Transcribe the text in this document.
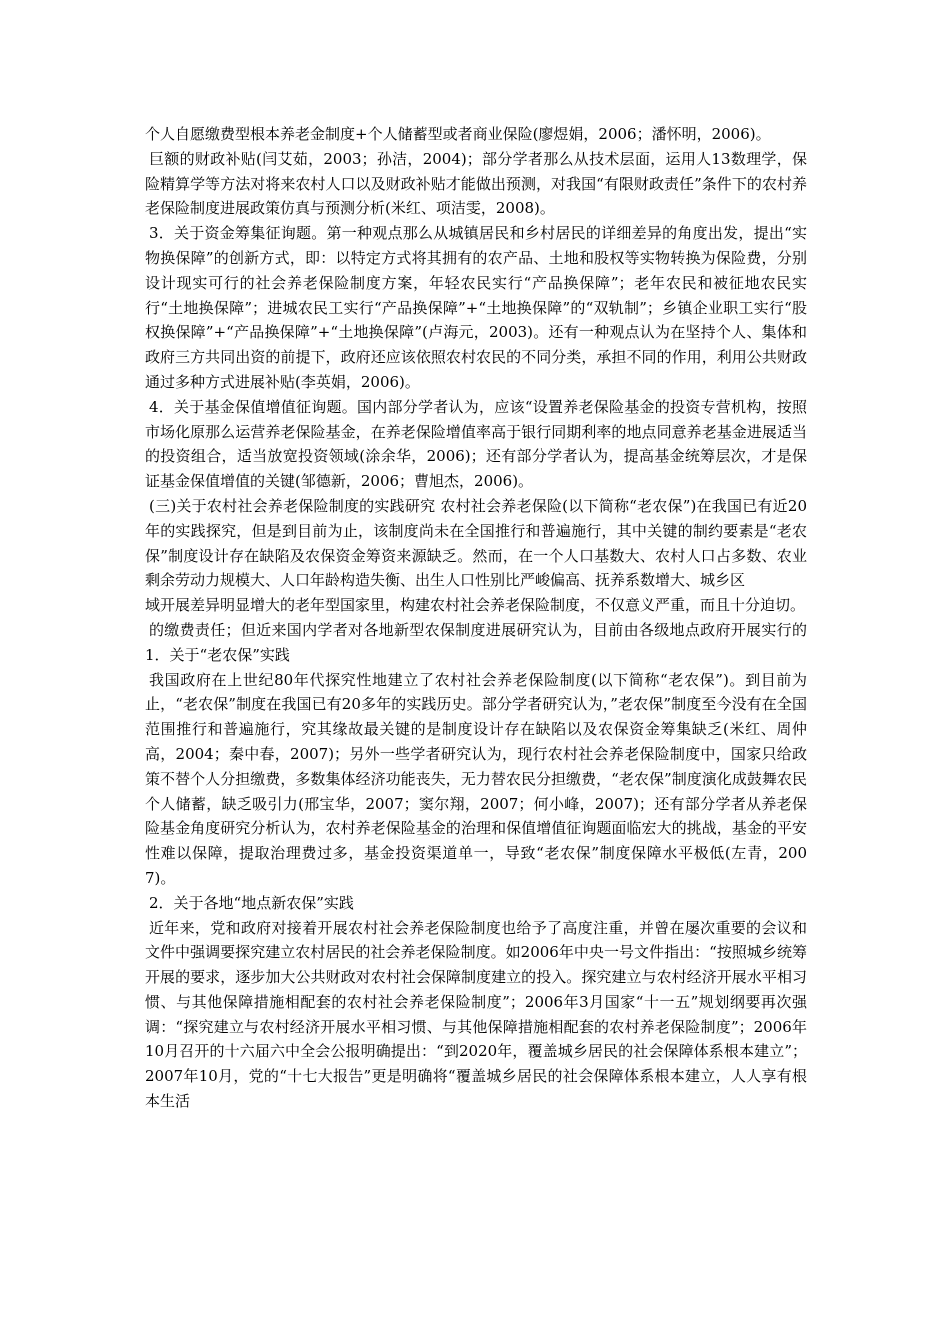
个人自愿缴费型根本养老金制度+个人储蓄型或者商业保险(廖煜娟，2006；潘怀明，2006)。

巨额的财政补贴(闫艾茹，2003；孙洁，2004)；部分学者那么从技术层面，运用人13数理学，保险精算学等方法对将来农村人口以及财政补贴才能做出预测，对我国“有限财政责任”条件下的农村养老保险制度进展政策仿真与预测分析(米红、项洁雯，2008)。

3．关于资金筹集征询题。第一种观点那么从城镇居民和乡村居民的详细差异的角度出发，提出“实物换保障”的创新方式，即：以特定方式将其拥有的农产品、土地和股权等实物转换为保险费，分别设计现实可行的社会养老保险制度方案，年轻农民实行“产品换保障”；老年农民和被征地农民实行“土地换保障”；进城农民工实行“产品换保障”+“土地换保障”的“双轨制”；乡镇企业职工实行“股权换保障”+“产品换保障”+“土地换保障”(卢海元，2003)。还有一种观点认为在坚持个人、集体和政府三方共同出资的前提下，政府还应该依照农村农民的不同分类，承担不同的作用，利用公共财政通过多种方式进展补贴(李英娟，2006)。

4．关于基金保值增值征询题。国内部分学者认为，应该“设置养老保险基金的投资专营机构，按照市场化原那么运营养老保险基金，在养老保险增值率高于银行同期利率的地点同意养老基金进展适当的投资组合，适当放宽投资领域(涂余华，2006)；还有部分学者认为，提高基金统筹层次，才是保证基金保值增值的关键(邹德新，2006；曹旭杰，2006)。

(三)关于农村社会养老保险制度的实践研究 农村社会养老保险(以下简称“老农保”)在我国已有近20年的实践探究，但是到目前为止，该制度尚未在全国推行和普遍施行，其中关键的制约要素是“老农保”制度设计存在缺陷及农保资金筹资来源缺乏。然而，在一个人口基数大、农村人口占多数、农业剩余劳动力规模大、人口年龄构造失衡、出生人口性别比严峻偏高、抚养系数增大、城乡区

域开展差异明显增大的老年型国家里，构建农村社会养老保险制度，不仅意义严重，而且十分迫切。

的缴费责任；但近来国内学者对各地新型农保制度进展研究认为，目前由各级地点政府开展实行的1．关于“老农保”实践

我国政府在上世纪80年代探究性地建立了农村社会养老保险制度(以下简称“老农保”)。到目前为止，“老农保”制度在我国已有20多年的实践历史。部分学者研究认为，”老农保”制度至今没有在全国范围推行和普遍施行，究其缘故最关键的是制度设计存在缺陷以及农保资金筹集缺乏(米红、周仲高，2004；秦中春，2007)；另外一些学者研究认为，现行农村社会养老保险制度中，国家只给政策不替个人分担缴费，多数集体经济功能丧失，无力替农民分担缴费，“老农保”制度演化成鼓舞农民个人储蓄，缺乏吸引力(邢宝华，2007；窦尔翔，2007；何小峰，2007)；还有部分学者从养老保险基金角度研究分析认为，农村养老保险基金的治理和保值增值征询题面临宏大的挑战，基金的平安性难以保障，提取治理费过多，基金投资渠道单一，导致“老农保”制度保障水平极低(左青，2007)。

2．关于各地“地点新农保”实践

近年来，党和政府对接着开展农村社会养老保险制度也给予了高度注重，并曾在屡次重要的会议和文件中强调要探究建立农村居民的社会养老保险制度。如2006年中央一号文件指出：“按照城乡统筹开展的要求，逐步加大公共财政对农村社会保障制度建立的投入。探究建立与农村经济开展水平相习惯、与其他保障措施相配套的农村社会养老保险制度”；2006年3月国家“十一五”规划纲要再次强调：“探究建立与农村经济开展水平相习惯、与其他保障措施相配套的农村养老保险制度”；2006年10月召开的十六届六中全会公报明确提出：“到2020年，覆盖城乡居民的社会保障体系根本建立”；2007年10月，党的“十七大报告”更是明确将“覆盖城乡居民的社会保障体系根本建立，人人享有根本生活
